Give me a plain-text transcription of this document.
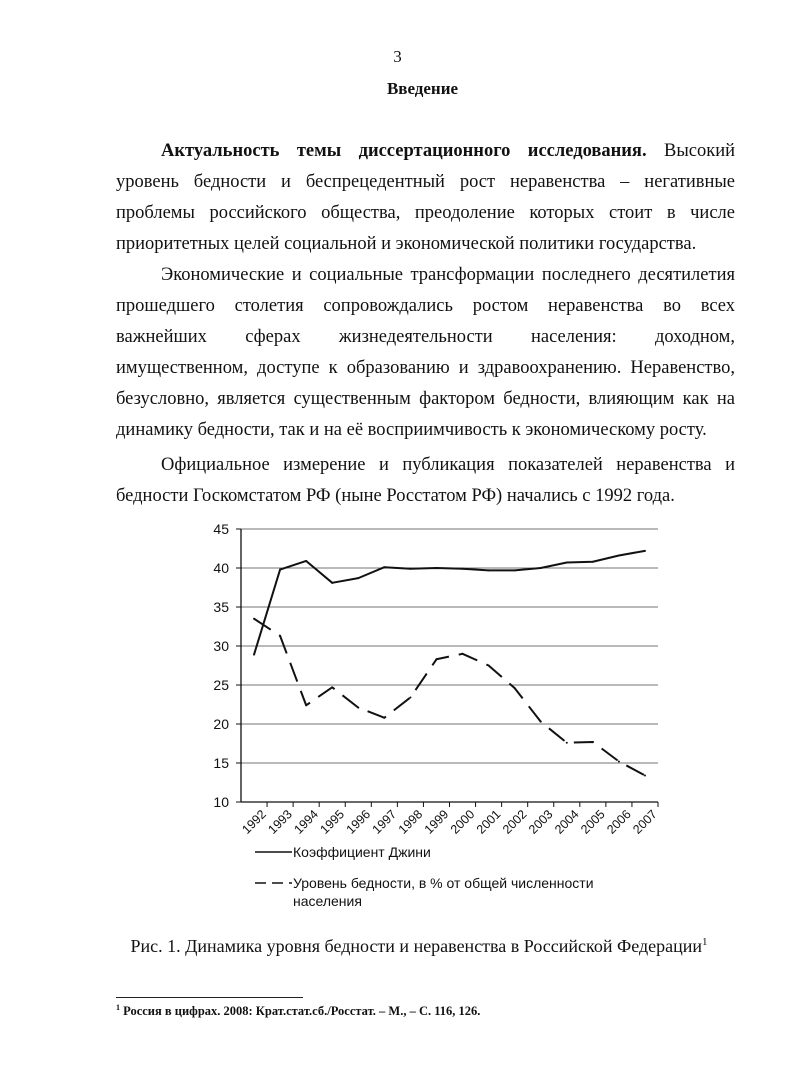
3
Введение

Актуальность темы диссертационного исследования. Высокий уровень бедности и беспрецедентный рост неравенства – негативные проблемы российского общества, преодоление которых стоит в числе приоритетных целей социальной и экономической политики государства.

Экономические и социальные трансформации последнего десятилетия прошедшего столетия сопровождались ростом неравенства во всех важнейших сферах жизнедеятельности населения: доходном, имущественном, доступе к образованию и здравоохранению. Неравенство, безусловно, является существенным фактором бедности, влияющим как на динамику бедности, так и на её восприимчивость к экономическому росту.

Официальное измерение и публикация показателей неравенства и бедности Госкомстатом РФ (ныне Росстатом РФ) начались с 1992 года.

45
40
35
30
25
20
15
10
1992
1993
1994
1995
1996
1997
1998
1999
2000
2001
2002
2003
2004
2005
2006
2007
Коэффициент Джини
Уровень бедности, в % от общей численности
населения
Рис. 1. Динамика уровня бедности и неравенства в Российской Федерации$^1$
$^1$ Россия в цифрах. 2008: Крат.стат.сб./Росстат. – М., – С. 116, 126.
